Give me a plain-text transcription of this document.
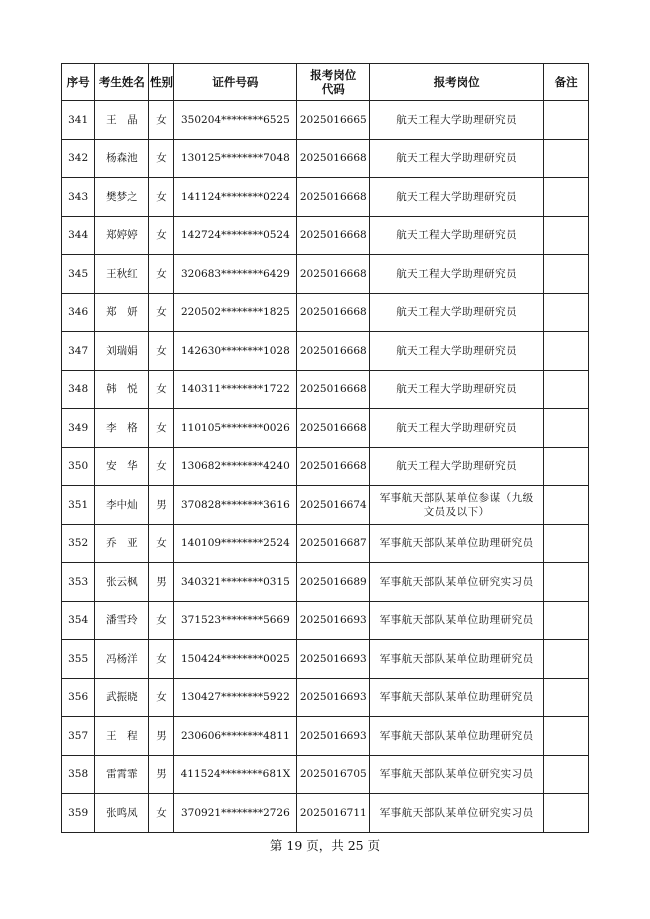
序号	考生姓名	性别	证件号码	报考岗位代码	报考岗位	备注
341	王　晶	女	350204********6525	2025016665	航天工程大学助理研究员	
342	杨森池	女	130125********7048	2025016668	航天工程大学助理研究员	
343	樊梦之	女	141124********0224	2025016668	航天工程大学助理研究员	
344	郑婷婷	女	142724********0524	2025016668	航天工程大学助理研究员	
345	王秋红	女	320683********6429	2025016668	航天工程大学助理研究员	
346	郑　妍	女	220502********1825	2025016668	航天工程大学助理研究员	
347	刘瑞娟	女	142630********1028	2025016668	航天工程大学助理研究员	
348	韩　悦	女	140311********1722	2025016668	航天工程大学助理研究员	
349	李　格	女	110105********0026	2025016668	航天工程大学助理研究员	
350	安　华	女	130682********4240	2025016668	航天工程大学助理研究员	
351	李中灿	男	370828********3616	2025016674	军事航天部队某单位参谋（九级文员及以下）	
352	乔　亚	女	140109********2524	2025016687	军事航天部队某单位助理研究员	
353	张云枫	男	340321********0315	2025016689	军事航天部队某单位研究实习员	
354	潘雪玲	女	371523********5669	2025016693	军事航天部队某单位助理研究员	
355	冯杨洋	女	150424********0025	2025016693	军事航天部队某单位助理研究员	
356	武振晓	女	130427********5922	2025016693	军事航天部队某单位助理研究员	
357	王　程	男	230606********4811	2025016693	军事航天部队某单位助理研究员	
358	雷霄霏	男	411524********681X	2025016705	军事航天部队某单位研究实习员	
359	张鸣凤	女	370921********2726	2025016711	军事航天部队某单位研究实习员	
第 19 页，共 25 页
